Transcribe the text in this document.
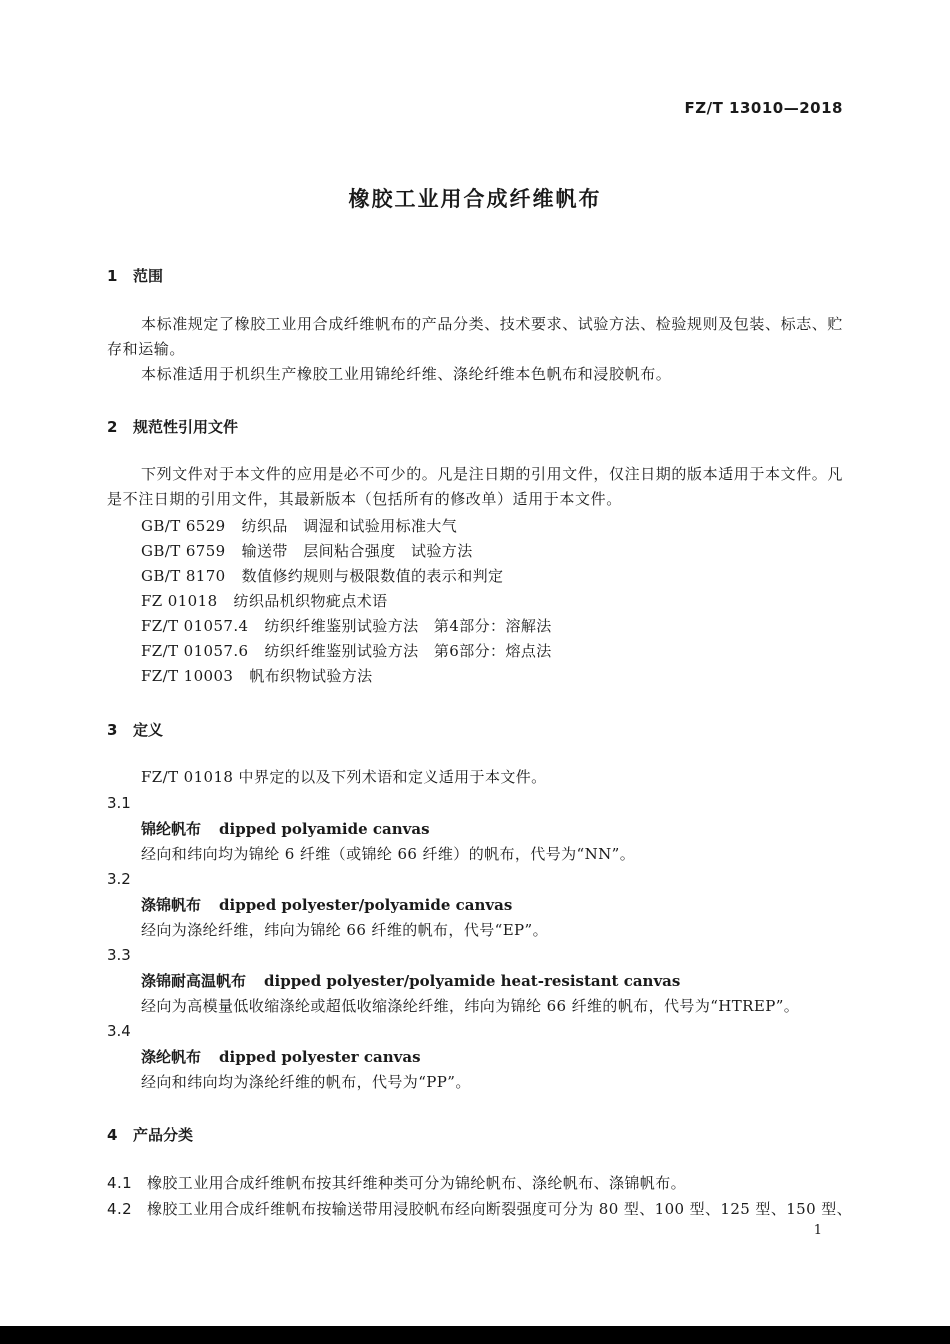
FZ/T 13010—2018
橡胶工业用合成纤维帆布
1 范围
本标准规定了橡胶工业用合成纤维帆布的产品分类、技术要求、试验方法、检验规则及包装、标志、贮存和运输。
本标准适用于机织生产橡胶工业用锦纶纤维、涤纶纤维本色帆布和浸胶帆布。
2 规范性引用文件
下列文件对于本文件的应用是必不可少的。凡是注日期的引用文件，仅注日期的版本适用于本文件。凡是不注日期的引用文件，其最新版本（包括所有的修改单）适用于本文件。
GB/T 6529 纺织品　调湿和试验用标准大气
GB/T 6759 输送带　层间粘合强度　试验方法
GB/T 8170 数值修约规则与极限数值的表示和判定
FZ 01018 纺织品机织物疵点术语
FZ/T 01057.4 纺织纤维鉴别试验方法　第4部分：溶解法
FZ/T 01057.6 纺织纤维鉴别试验方法　第6部分：熔点法
FZ/T 10003 帆布织物试验方法
3 定义
FZ/T 01018 中界定的以及下列术语和定义适用于本文件。
3.1
锦纶帆布 dipped polyamide canvas
经向和纬向均为锦纶 6 纤维（或锦纶 66 纤维）的帆布，代号为“NN”。
3.2
涤锦帆布 dipped polyester/polyamide canvas
经向为涤纶纤维，纬向为锦纶 66 纤维的帆布，代号“EP”。
3.3
涤锦耐高温帆布 dipped polyester/polyamide heat-resistant canvas
经向为高模量低收缩涤纶或超低收缩涤纶纤维，纬向为锦纶 66 纤维的帆布，代号为“HTREP”。
3.4
涤纶帆布 dipped polyester canvas
经向和纬向均为涤纶纤维的帆布，代号为“PP”。
4 产品分类
4.1 橡胶工业用合成纤维帆布按其纤维种类可分为锦纶帆布、涤纶帆布、涤锦帆布。
4.2 橡胶工业用合成纤维帆布按输送带用浸胶帆布经向断裂强度可分为 80 型、100 型、125 型、150 型、
1
